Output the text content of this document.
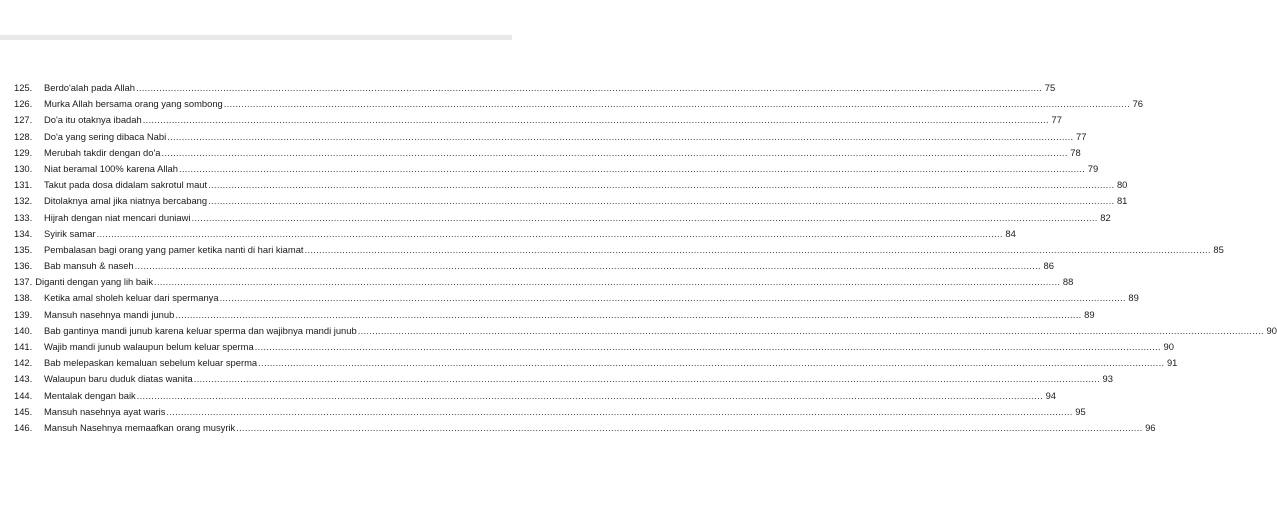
125.	Berdo'alah pada Allah .....	75
126.	Murka Allah bersama orang yang sombong .....	76
127.	Do'a itu otaknya ibadah .....	77
128.	Do'a yang sering dibaca Nabi .....	77
129.	Merubah takdir dengan do'a .....	78
130.	Niat beramal 100% karena Allah .....	79
131.	Takut pada dosa didalam sakrotul maut .....	80
132.	Ditolaknya amal jika niatnya bercabang .....	81
133.	Hijrah dengan niat mencari duniawi .....	82
134.	Syirik samar .....	84
135.	Pembalasan bagi orang yang pamer ketika nanti di hari kiamat .....	85
136.	Bab mansuh & naseh .....	86
137. Diganti dengan yang lih baik .....	88
138.	Ketika amal sholeh keluar dari spermanya .....	89
139.	Mansuh nasehnya mandi junub .....	89
140.	Bab gantinya mandi junub karena keluar sperma dan wajibnya mandi junub .....	90
141.	Wajib mandi junub walaupun belum keluar sperma .....	90
142.	Bab melepaskan kemaluan sebelum keluar sperma .....	91
143.	Walaupun baru duduk diatas wanita .....	93
144.	Mentalak dengan baik .....	94
145.	Mansuh nasehnya ayat waris .....	95
146.	Mansuh Nasehnya memaafkan orang musyrik .....	96
